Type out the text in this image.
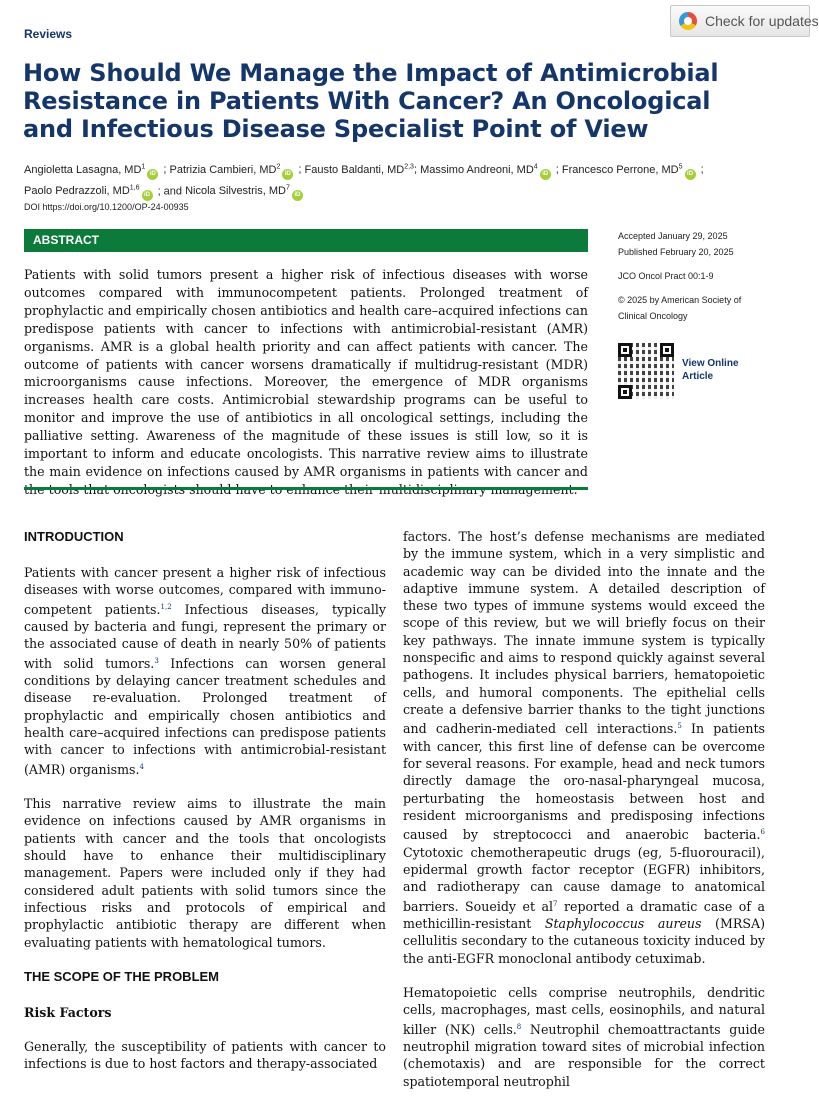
Reviews
Check for updates
How Should We Manage the Impact of Antimicrobial Resistance in Patients With Cancer? An Oncological and Infectious Disease Specialist Point of View
Angioletta Lasagna, $MD^1iD$ ; Patrizia Cambieri, $MD^2iD$ ; Fausto Baldanti, MD$^{2,3}$; Massimo Andreoni, $MD^4iD$ ; Francesco Perrone, $MD^5iD$ ;
Paolo Pedrazzoli, MD$^{1,6}$iD ; and Nicola Silvestris, $MD^7iD$
DOI https://doi.org/10.1200/OP-24-00935
ABSTRACT
Patients with solid tumors present a higher risk of infectious diseases with worse outcomes compared with immunocompetent patients. Prolonged treatment of prophylactic and empirically chosen antibiotics and health care–acquired infections can predispose patients with cancer to infections with antimicrobial-resistant (AMR) organisms. AMR is a global health priority and can affect patients with cancer. The outcome of patients with cancer worsens dramatically if multidrug-resistant (MDR) microorganisms cause infections. Moreover, the emergence of MDR organisms increases health care costs. Antimicrobial stewardship programs can be useful to monitor and improve the use of antibiotics in all oncological settings, including the palliative setting. Awareness of the magnitude of these issues is still low, so it is important to inform and educate oncologists. This narrative review aims to illustrate the main evidence on infections caused by AMR organisms in patients with cancer and
Accepted January 29, 2025
Published February 20, 2025
JCO Oncol Pract 00:1-9
© 2025 by American Society of
Clinical Oncology
View Online Article
INTRODUCTION

Patients with cancer present a higher risk of infectious diseases with worse outcomes, compared with immuno-competent patients.$^{1,2}$ Infectious diseases, typically caused by bacteria and fungi, represent the primary or the associated cause of death in nearly 50% of patients with solid tumors.$^3$ Infections can worsen general conditions by delaying cancer treatment schedules and disease re-evaluation. Prolonged treatment of prophylactic and empirically chosen antibiotics and health care–acquired infections can predispose patients with cancer to infections with antimicrobial-resistant (AMR) organisms.$^4$

This narrative review aims to illustrate the main evidence on infections caused by AMR organisms in patients with cancer and the tools that oncologists should have to enhance their multidisciplinary management. Papers were included only if they had considered adult patients with solid tumors since the infectious risks and protocols of empirical and prophylactic antibiotic therapy are different when evaluating patients with hematological tumors.

THE SCOPE OF THE PROBLEM
Risk Factors

Generally, the susceptibility of patients with cancer to infections is due to host factors and therapy-associated

factors. The host’s defense mechanisms are mediated by the immune system, which in a very simplistic and academic way can be divided into the innate and the adaptive immune system. A detailed description of these two types of immune systems would exceed the scope of this review, but we will briefly focus on their key pathways. The innate immune system is typically nonspecific and aims to respond quickly against several pathogens. It includes physical barriers, hematopoietic cells, and humoral components. The epithelial cells create a defensive barrier thanks to the tight junctions and cadherin-mediated cell interactions.$^5$ In patients with cancer, this first line of defense can be overcome for several reasons. For example, head and neck tumors directly damage the oro-nasal-pharyngeal mucosa, perturbating the homeostasis between host and resident microorganisms and predisposing infections caused by streptococci and anaerobic bacteria.$^6$ Cytotoxic chemotherapeutic drugs (eg, 5-fluorouracil), epidermal growth factor receptor (EGFR) inhibitors, and radiotherapy can cause damage to anatomical barriers. Soueidy et $al^7$ reported a dramatic case of a methicillin-resistant Staphylococcus aureus (MRSA) cellulitis secondary to the cutaneous toxicity induced by the anti-EGFR monoclonal antibody cetuximab.

Hematopoietic cells comprise neutrophils, dendritic cells, macrophages, mast cells, eosinophils, and natural killer (NK) cells.$^8$ Neutrophil chemoattractants guide neutrophil migration toward sites of microbial infection (chemotaxis) and are responsible for the correct spatiotemporal neutrophil
